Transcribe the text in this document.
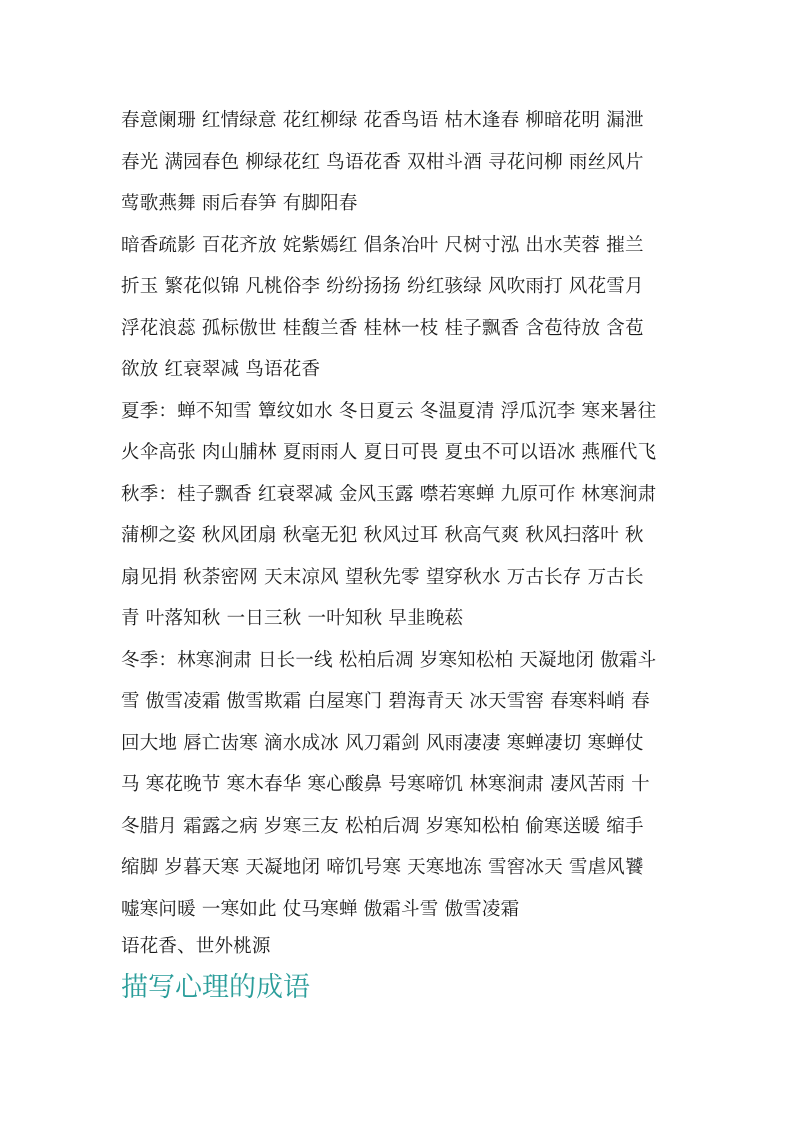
春意阑珊 红情绿意 花红柳绿 花香鸟语 枯木逢春 柳暗花明 漏泄
春光 满园春色 柳绿花红 鸟语花香 双柑斗酒 寻花问柳 雨丝风片
莺歌燕舞 雨后春笋 有脚阳春
暗香疏影 百花齐放 姹紫嫣红 倡条冶叶 尺树寸泓 出水芙蓉 摧兰
折玉 繁花似锦 凡桃俗李 纷纷扬扬 纷红骇绿 风吹雨打 风花雪月
浮花浪蕊 孤标傲世 桂馥兰香 桂林一枝 桂子飘香 含苞待放 含苞
欲放 红衰翠减 鸟语花香
夏季：蝉不知雪 簟纹如水 冬日夏云 冬温夏清 浮瓜沉李 寒来暑往
火伞高张 肉山脯林 夏雨雨人 夏日可畏 夏虫不可以语冰 燕雁代飞
秋季：桂子飘香 红衰翠减 金风玉露 噤若寒蝉 九原可作 林寒涧肃
蒲柳之姿 秋风团扇 秋毫无犯 秋风过耳 秋高气爽 秋风扫落叶 秋
扇见捐 秋荼密网 天末凉风 望秋先零 望穿秋水 万古长存 万古长
青 叶落知秋 一日三秋 一叶知秋 早韭晚菘
冬季：林寒涧肃 日长一线 松柏后凋 岁寒知松柏 天凝地闭 傲霜斗
雪 傲雪凌霜 傲雪欺霜 白屋寒门 碧海青天 冰天雪窖 春寒料峭 春
回大地 唇亡齿寒 滴水成冰 风刀霜剑 风雨凄凄 寒蝉凄切 寒蝉仗
马 寒花晚节 寒木春华 寒心酸鼻 号寒啼饥 林寒涧肃 凄风苦雨 十
冬腊月 霜露之病 岁寒三友 松柏后凋 岁寒知松柏 偷寒送暖 缩手
缩脚 岁暮天寒 天凝地闭 啼饥号寒 天寒地冻 雪窖冰天 雪虐风饕
嘘寒问暖 一寒如此 仗马寒蝉 傲霜斗雪 傲雪凌霜
语花香、世外桃源
描写心理的成语
